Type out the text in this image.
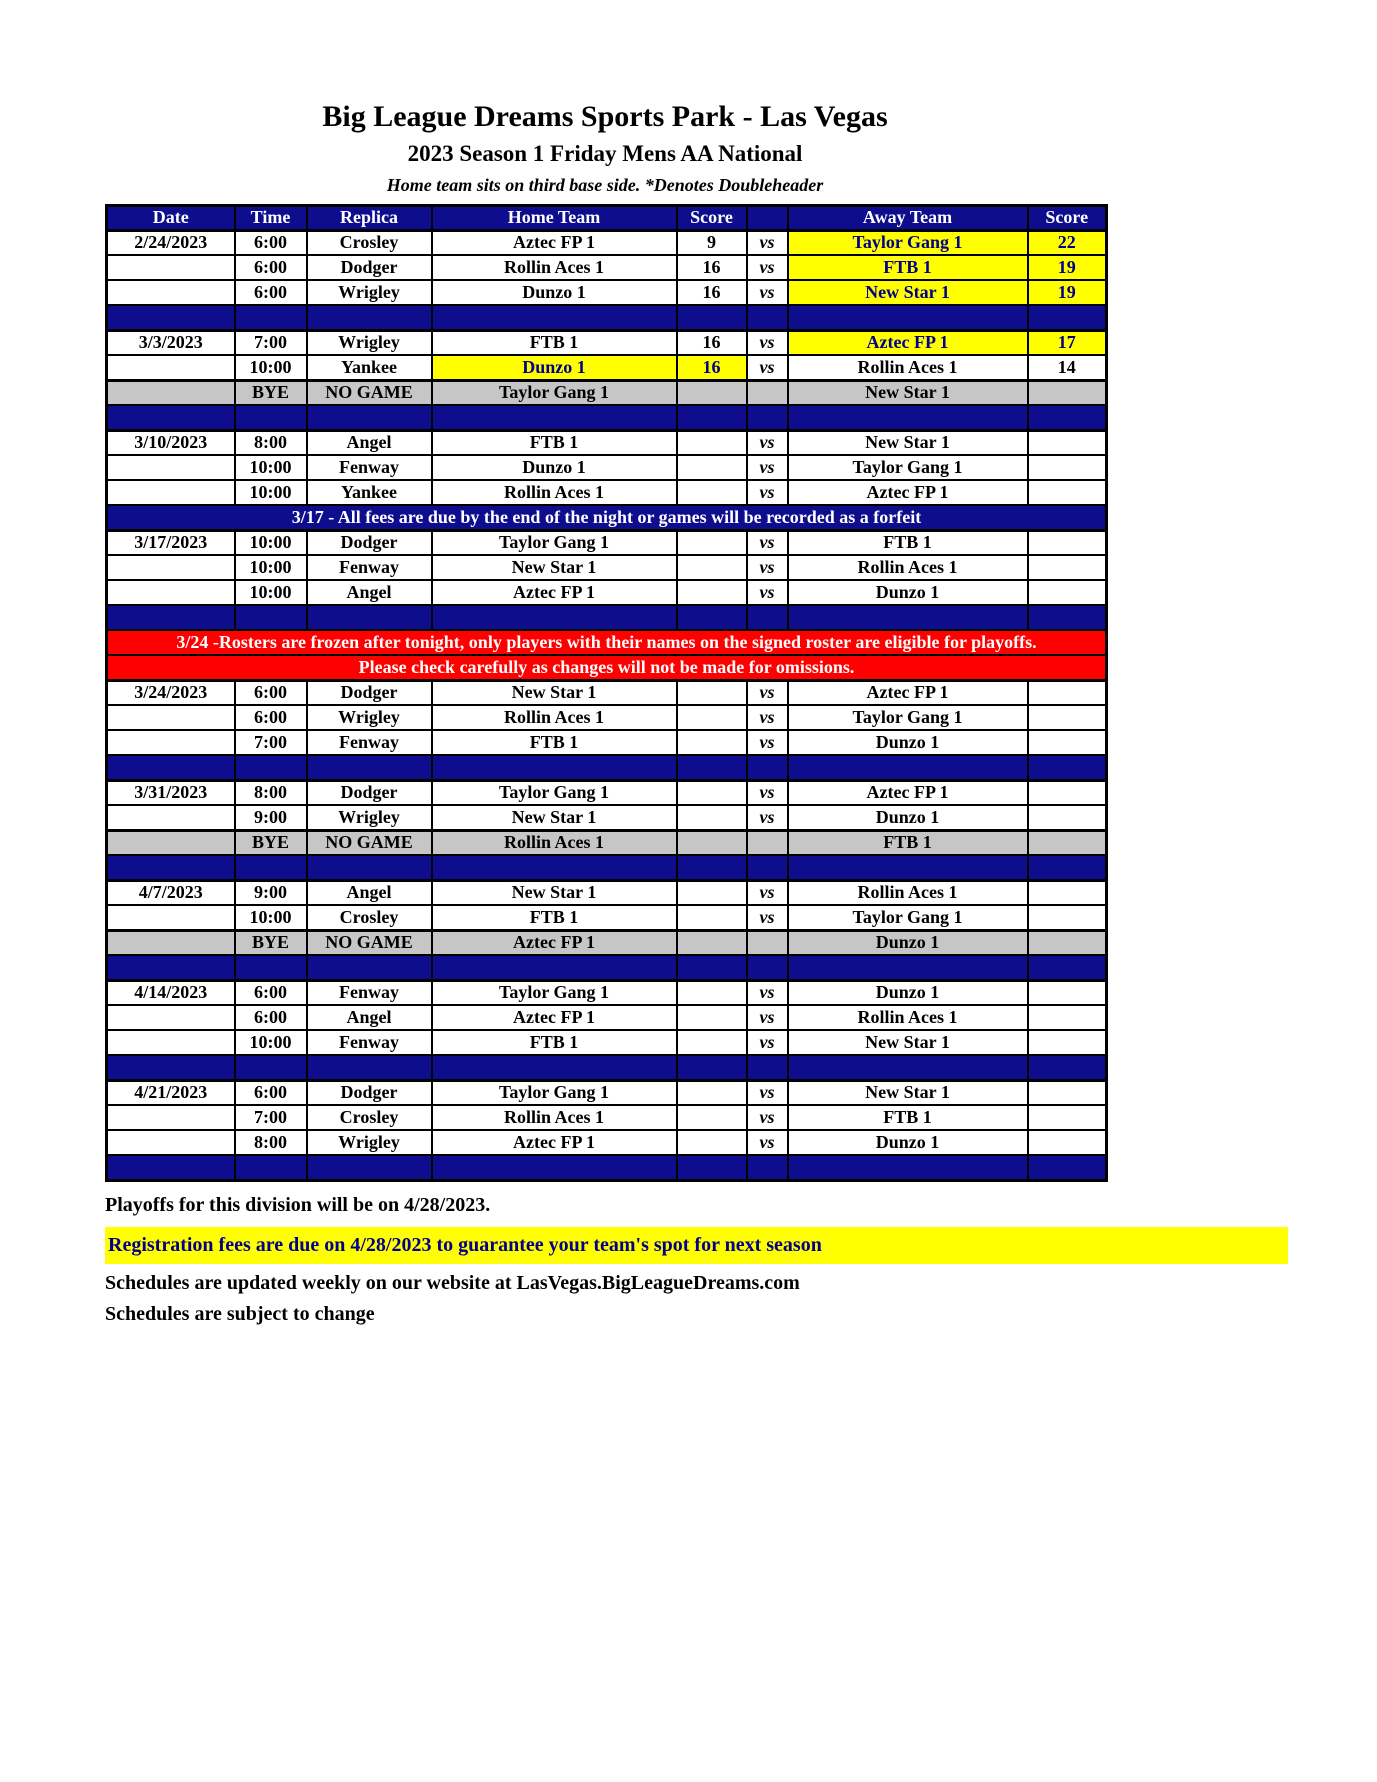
Big League Dreams Sports Park - Las Vegas
2023 Season 1 Friday Mens AA National
Home team sits on third base side. *Denotes Doubleheader
Date	Time	Replica	Home Team	Score		Away Team	Score
2/24/2023	6:00	Crosley	Aztec FP 1	9	vs	Taylor Gang 1	22
	6:00	Dodger	Rollin Aces 1	16	vs	FTB 1	19
	6:00	Wrigley	Dunzo 1	16	vs	New Star 1	19

3/3/2023	7:00	Wrigley	FTB 1	16	vs	Aztec FP 1	17
	10:00	Yankee	Dunzo 1	16	vs	Rollin Aces 1	14
	BYE	NO GAME	Taylor Gang 1			New Star 1	

3/10/2023	8:00	Angel	FTB 1		vs	New Star 1	
	10:00	Fenway	Dunzo 1		vs	Taylor Gang 1	
	10:00	Yankee	Rollin Aces 1		vs	Aztec FP 1	
3/17 - All fees are due by the end of the night or games will be recorded as a forfeit							
3/17/2023	10:00	Dodger	Taylor Gang 1		vs	FTB 1	
	10:00	Fenway	New Star 1		vs	Rollin Aces 1	
	10:00	Angel	Aztec FP 1		vs	Dunzo 1	

3/24 -Rosters are frozen after tonight, only players with their names on the signed roster are eligible for playoffs.							
Please check carefully as changes will not be made for omissions.							
3/24/2023	6:00	Dodger	New Star 1		vs	Aztec FP 1	
	6:00	Wrigley	Rollin Aces 1		vs	Taylor Gang 1	
	7:00	Fenway	FTB 1		vs	Dunzo 1	

3/31/2023	8:00	Dodger	Taylor Gang 1		vs	Aztec FP 1	
	9:00	Wrigley	New Star 1		vs	Dunzo 1	
	BYE	NO GAME	Rollin Aces 1			FTB 1	

4/7/2023	9:00	Angel	New Star 1		vs	Rollin Aces 1	
	10:00	Crosley	FTB 1		vs	Taylor Gang 1	
	BYE	NO GAME	Aztec FP 1			Dunzo 1	

4/14/2023	6:00	Fenway	Taylor Gang 1		vs	Dunzo 1	
	6:00	Angel	Aztec FP 1		vs	Rollin Aces 1	
	10:00	Fenway	FTB 1		vs	New Star 1	

4/21/2023	6:00	Dodger	Taylor Gang 1		vs	New Star 1	
	7:00	Crosley	Rollin Aces 1		vs	FTB 1	
	8:00	Wrigley	Aztec FP 1		vs	Dunzo 1	

Playoffs for this division will be on 4/28/2023.
Registration fees are due on 4/28/2023 to guarantee your team's spot for next season
Schedules are updated weekly on our website at LasVegas.BigLeagueDreams.com
Schedules are subject to change
